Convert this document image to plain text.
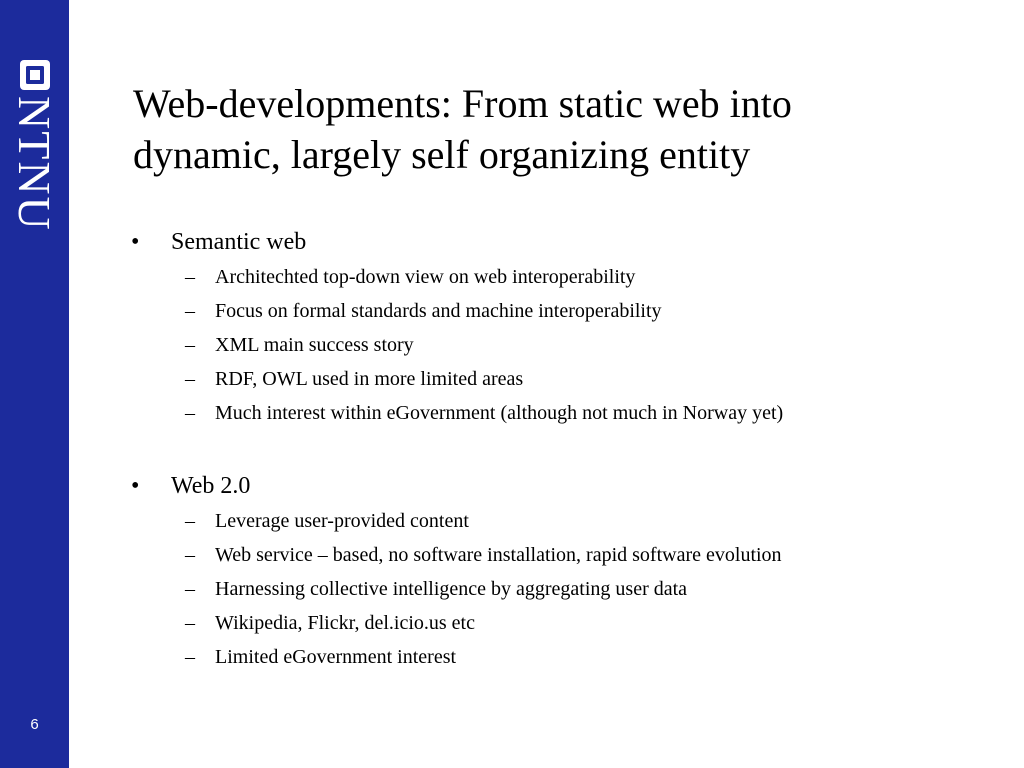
NTNU
6
Web-developments: From static web into
dynamic, largely self organizing entity
• Semantic web
– Architechted top-down view on web interoperability
– Focus on formal standards and machine interoperability
– XML main success story
– RDF, OWL used in more limited areas
– Much interest within eGovernment (although not much in Norway yet)
• Web 2.0
– Leverage user-provided content
– Web service – based, no software installation, rapid software evolution
– Harnessing collective intelligence by aggregating user data
– Wikipedia, Flickr, del.icio.us etc
– Limited eGovernment interest
